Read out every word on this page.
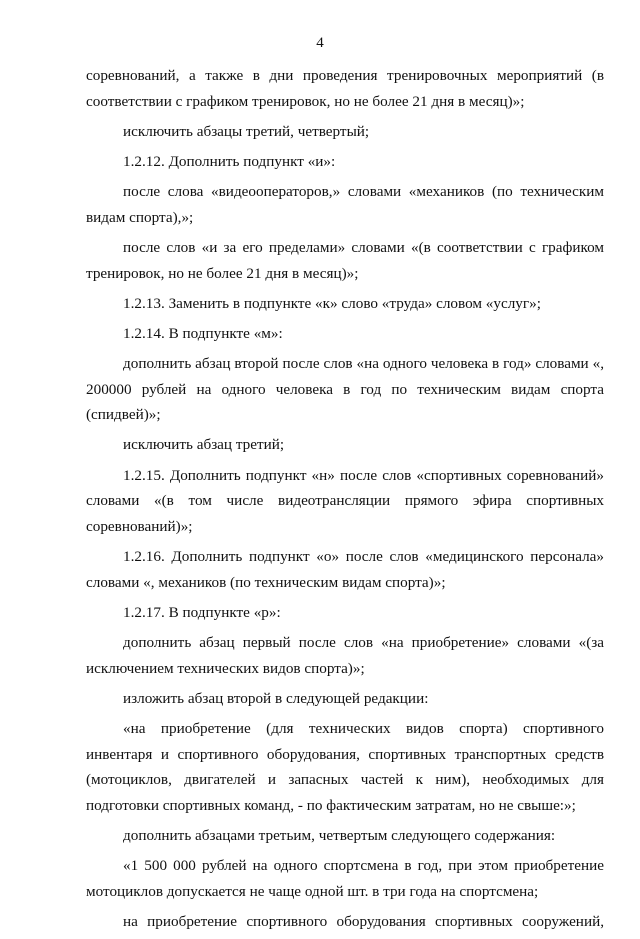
4

соревнований, а также в дни проведения тренировочных мероприятий (в соответствии с графиком тренировок, но не более 21 дня в месяц)»;

исключить абзацы третий, четвертый;

1.2.12. Дополнить подпункт «и»:

после слова «видеооператоров,» словами «механиков (по техническим видам спорта),»;

после слов «и за его пределами» словами «(в соответствии с графиком тренировок, но не более 21 дня в месяц)»;

1.2.13. Заменить в подпункте «к» слово «труда» словом «услуг»;

1.2.14. В подпункте «м»:

дополнить абзац второй после слов «на одного человека в год» словами «, 200000 рублей на одного человека в год по техническим видам спорта (спидвей)»;

исключить абзац третий;

1.2.15. Дополнить подпункт «н» после слов «спортивных соревнований» словами «(в том числе видеотрансляции прямого эфира спортивных соревнований)»;

1.2.16. Дополнить подпункт «о» после слов «медицинского персонала» словами «, механиков (по техническим видам спорта)»;

1.2.17. В подпункте «р»:

дополнить абзац первый после слов «на приобретение» словами «(за исключением технических видов спорта)»;

изложить абзац второй в следующей редакции:

«на приобретение (для технических видов спорта) спортивного инвентаря и спортивного оборудования, спортивных транспортных средств (мотоциклов, двигателей и запасных частей к ним), необходимых для подготовки спортивных команд, - по фактическим затратам, но не свыше:»;

дополнить абзацами третьим, четвертым следующего содержания:

«1 500 000 рублей на одного спортсмена в год, при этом приобретение мотоциклов допускается не чаще одной шт. в три года на спортсмена;

на приобретение спортивного оборудования спортивных сооружений,
